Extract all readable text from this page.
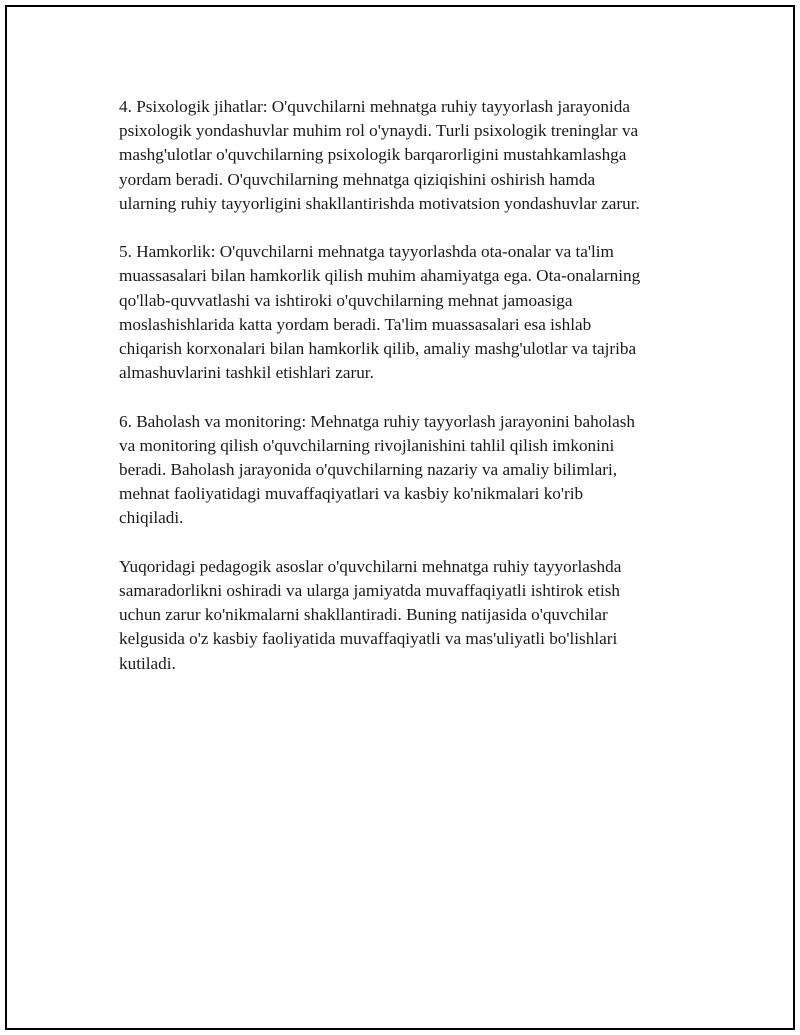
4. Psixologik jihatlar: O'quvchilarni mehnatga ruhiy tayyorlash jarayonida
psixologik yondashuvlar muhim rol o'ynaydi. Turli psixologik treninglar va
mashg'ulotlar o'quvchilarning psixologik barqarorligini mustahkamlashga
yordam beradi. O'quvchilarning mehnatga qiziqishini oshirish hamda
ularning ruhiy tayyorligini shakllantirishda motivatsion yondashuvlar zarur.

5. Hamkorlik: O'quvchilarni mehnatga tayyorlashda ota-onalar va ta'lim
muassasalari bilan hamkorlik qilish muhim ahamiyatga ega. Ota-onalarning
qo'llab-quvvatlashi va ishtiroki o'quvchilarning mehnat jamoasiga
moslashishlarida katta yordam beradi. Ta'lim muassasalari esa ishlab
chiqarish korxonalari bilan hamkorlik qilib, amaliy mashg'ulotlar va tajriba
almashuvlarini tashkil etishlari zarur.

6. Baholash va monitoring: Mehnatga ruhiy tayyorlash jarayonini baholash
va monitoring qilish o'quvchilarning rivojlanishini tahlil qilish imkonini
beradi. Baholash jarayonida o'quvchilarning nazariy va amaliy bilimlari,
mehnat faoliyatidagi muvaffaqiyatlari va kasbiy ko'nikmalari ko'rib
chiqiladi.

Yuqoridagi pedagogik asoslar o'quvchilarni mehnatga ruhiy tayyorlashda
samaradorlikni oshiradi va ularga jamiyatda muvaffaqiyatli ishtirok etish
uchun zarur ko'nikmalarni shakllantiradi. Buning natijasida o'quvchilar
kelgusida o'z kasbiy faoliyatida muvaffaqiyatli va mas'uliyatli bo'lishlari
kutiladi.
